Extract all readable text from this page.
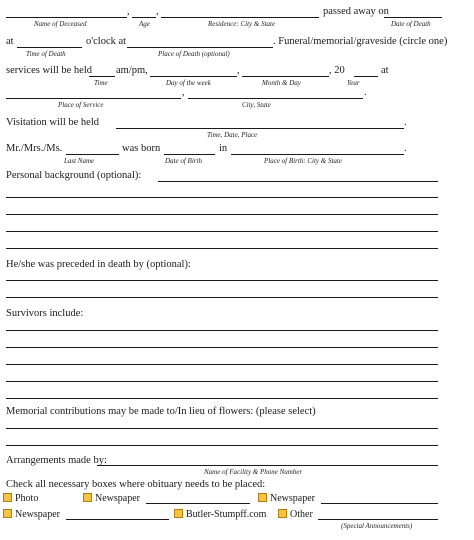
,	,	passed away on
Name of Deceased	Age	Residence: City & State	Date of Death
at	o'clock at	. Funeral/memorial/graveside (circle one)
Time of Death	Place of Death (optional)
services will be held am/pm,	,	, 20	at
Time	Day of the week	Month & Day	Year
,	.
Place of Service	City, State
Visitation will be held	.
Time, Date, Place
Mr./Mrs./Ms.	was born	in	.
Last Name	Date of Birth	Place of Birth: City & State
Personal background (optional):
He/she was preceded in death by (optional):
Survivors include:
Memorial contributions may be made to/In lieu of flowers: (please select)
Arrangements made by:
Name of Facility & Phone Number
Check all necessary boxes where obituary needs to be placed:
Photo	Newspaper	Newspaper
Newspaper	Butler-Stumpff.com	Other
(Special Announcements)
